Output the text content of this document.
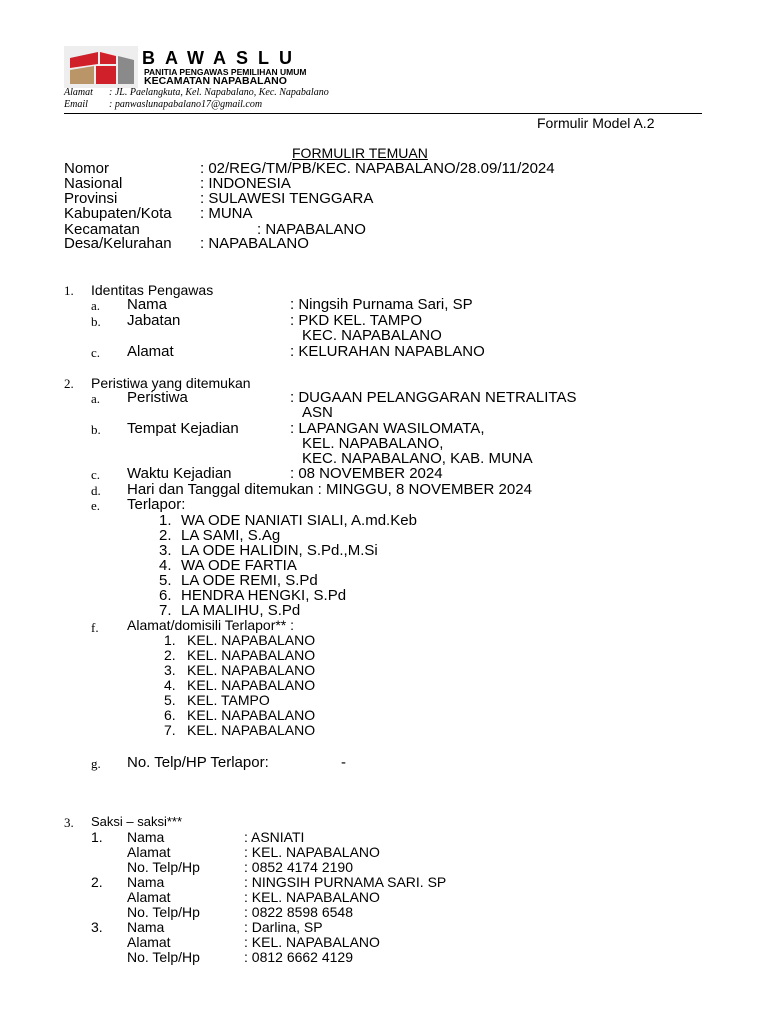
BAWASLU
PANITIA PENGAWAS PEMILIHAN UMUM
KECAMATAN NAPABALANO
Alamat : JL. Paelangkuta, Kel. Napabalano, Kec. Napabalano
Email : panwaslunapabalano17@gmail.com
Formulir Model A.2
FORMULIR TEMUAN
Nomor	: 02/REG/TM/PB/KEC. NAPABALANO/28.09/11/2024
Nasional	: INDONESIA
Provinsi	: SULAWESI TENGGARA
Kabupaten/Kota : MUNA
Kecamatan	: NAPABALANO
Desa/Kelurahan : NAPABALANO
1. Identitas Pengawas
a. Nama	: Ningsih Purnama Sari, SP
b. Jabatan	: PKD KEL. TAMPO
KEC. NAPABALANO
c. Alamat	: KELURAHAN NAPABLANO
2. Peristiwa yang ditemukan
a. Peristiwa	: DUGAAN PELANGGARAN NETRALITAS
ASN
b. Tempat Kejadian	: LAPANGAN WASILOMATA,
KEL. NAPABALANO,
KEC. NAPABALANO, KAB. MUNA
c. Waktu Kejadian	: 08 NOVEMBER 2024
d. Hari dan Tanggal ditemukan : MINGGU, 8 NOVEMBER 2024
e. Terlapor:
1. WA ODE NANIATI SIALI, A.md.Keb
2. LA SAMI, S.Ag
3. LA ODE HALIDIN, S.Pd.,M.Si
4. WA ODE FARTIA
5. LA ODE REMI, S.Pd
6. HENDRA HENGKI, S.Pd
7. LA MALIHU, S.Pd
f. Alamat/domisili Terlapor** :
1. KEL. NAPABALANO
2. KEL. NAPABALANO
3. KEL. NAPABALANO
4. KEL. NAPABALANO
5. KEL. TAMPO
6. KEL. NAPABALANO
7. KEL. NAPABALANO
g. No. Telp/HP Terlapor:	-
3. Saksi – saksi***
1. Nama	: ASNIATI
Alamat	: KEL. NAPABALANO
No. Telp/Hp	: 0852 4174 2190
2. Nama	: NINGSIH PURNAMA SARI. SP
Alamat	: KEL. NAPABALANO
No. Telp/Hp	: 0822 8598 6548
3. Nama	: Darlina, SP
Alamat	: KEL. NAPABALANO
No. Telp/Hp	: 0812 6662 4129
